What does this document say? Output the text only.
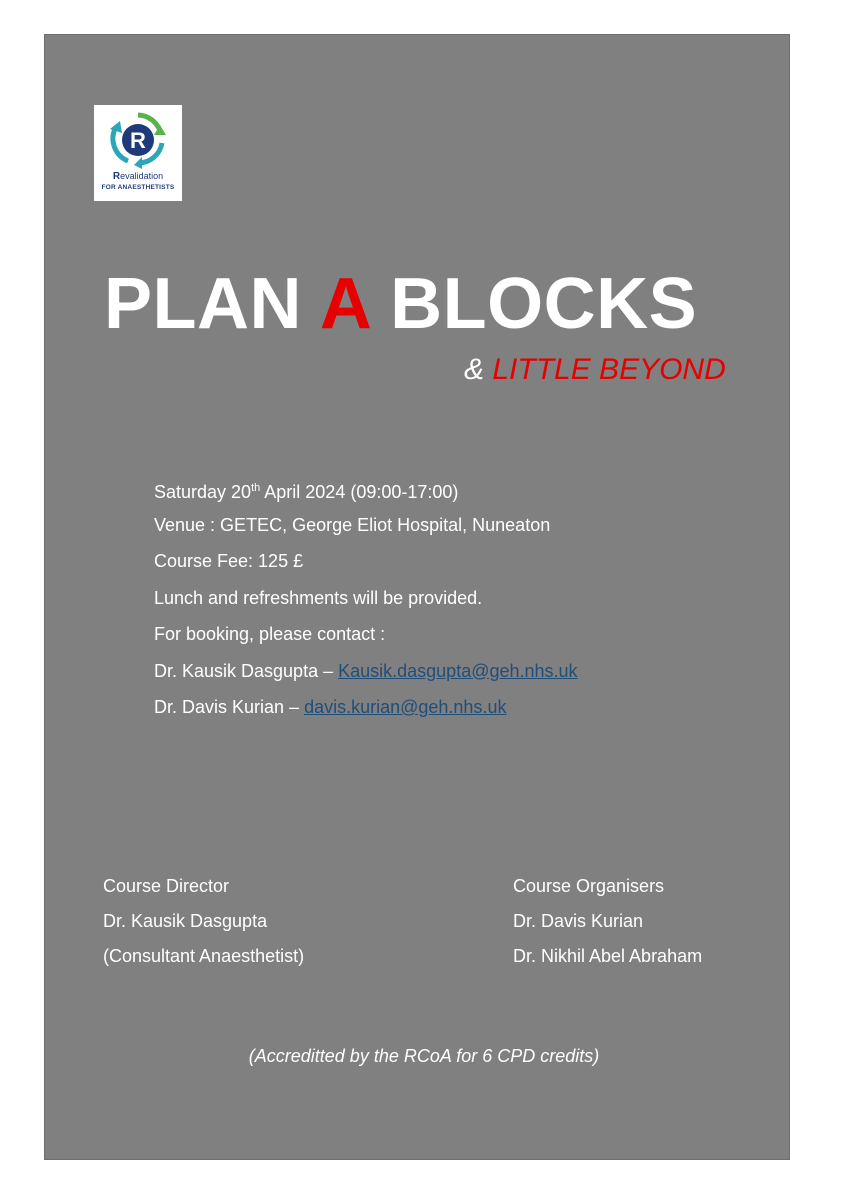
R
Revalidation
FOR ANAESTHETISTS
PLAN A BLOCKS
& LITTLE BEYOND
Saturday 20th April 2024 (09:00-17:00)
Venue : GETEC, George Eliot Hospital, Nuneaton
Course Fee: 125 £
Lunch and refreshments will be provided.
For booking, please contact :
Dr. Kausik Dasgupta – Kausik.dasgupta@geh.nhs.uk
Dr. Davis Kurian – davis.kurian@geh.nhs.uk
Course Director
Dr. Kausik Dasgupta
(Consultant Anaesthetist)
Course Organisers
Dr. Davis Kurian
Dr. Nikhil Abel Abraham
(Accreditted by the RCoA for 6 CPD credits)
